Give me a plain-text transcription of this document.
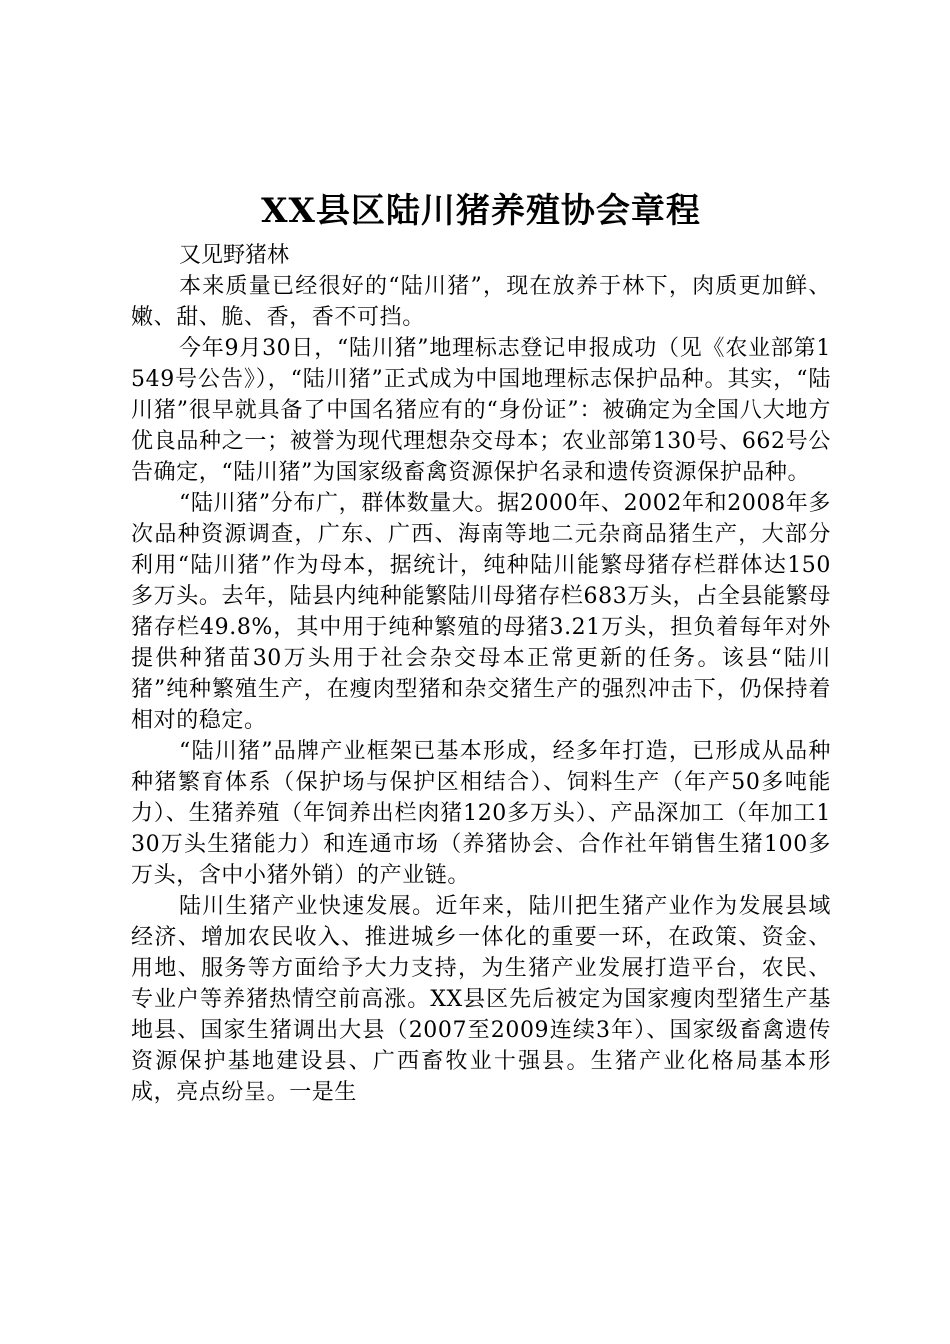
XX县区陆川猪养殖协会章程

又见野猪林

本来质量已经很好的“陆川猪”，现在放养于林下，肉质更加鲜、嫩、甜、脆、香，香不可挡。

今年9月30日，“陆川猪”地理标志登记申报成功（见《农业部第1549号公告》），“陆川猪”正式成为中国地理标志保护品种。其实，“陆川猪”很早就具备了中国名猪应有的“身份证”：被确定为全国八大地方优良品种之一；被誉为现代理想杂交母本；农业部第130号、662号公告确定，“陆川猪”为国家级畜禽资源保护名录和遗传资源保护品种。

“陆川猪”分布广，群体数量大。据2000年、2002年和2008年多次品种资源调查，广东、广西、海南等地二元杂商品猪生产，大部分利用“陆川猪”作为母本，据统计，纯种陆川能繁母猪存栏群体达150多万头。去年，陆县内纯种能繁陆川母猪存栏683万头，占全县能繁母猪存栏49.8%，其中用于纯种繁殖的母猪3.21万头，担负着每年对外提供种猪苗30万头用于社会杂交母本正常更新的任务。该县“陆川猪”纯种繁殖生产，在瘦肉型猪和杂交猪生产的强烈冲击下，仍保持着相对的稳定。

“陆川猪”品牌产业框架已基本形成，经多年打造，已形成从品种种猪繁育体系（保护场与保护区相结合）、饲料生产（年产50多吨能力）、生猪养殖（年饲养出栏肉猪120多万头）、产品深加工（年加工130万头生猪能力）和连通市场（养猪协会、合作社年销售生猪100多万头，含中小猪外销）的产业链。

陆川生猪产业快速发展。近年来，陆川把生猪产业作为发展县域经济、增加农民收入、推进城乡一体化的重要一环，在政策、资金、用地、服务等方面给予大力支持，为生猪产业发展打造平台，农民、专业户等养猪热情空前高涨。XX县区先后被定为国家瘦肉型猪生产基地县、国家生猪调出大县（2007至2009连续3年）、国家级畜禽遗传资源保护基地建设县、广西畜牧业十强县。生猪产业化格局基本形成，亮点纷呈。一是生
